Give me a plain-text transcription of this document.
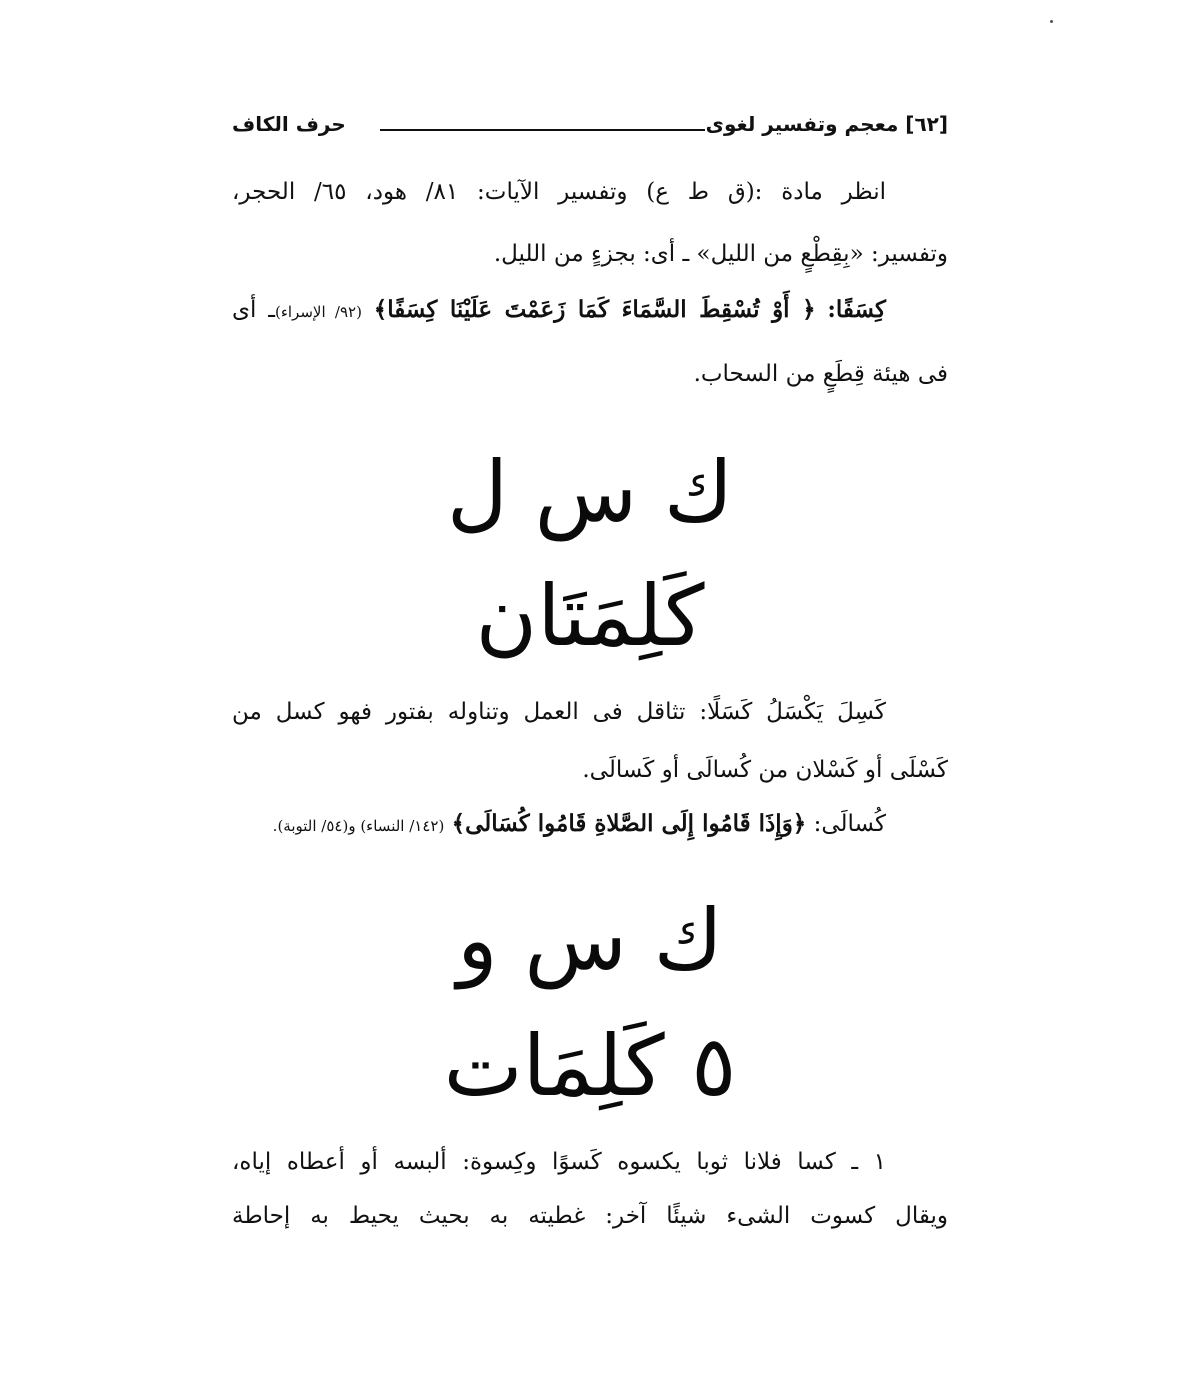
[٦٢] معجم وتفسير لغوى
حرف الكاف
انظر مادة :(ق ط ع) وتفسير الآيات: ٨١/ هود، ٦٥/ الحجر،
وتفسير: «بِقِطْعٍ من الليل» ـ أى: بجزءٍ من الليل.
كِسَفًا: ﴿ أَوْ تُسْقِطَ السَّمَاءَ كَمَا زَعَمْتَ عَلَيْنَا كِسَفًا﴾ (٩٢/ الإسراء)ـ أى
فى هيئة قِطَعٍ من السحاب.
ك س ل
كَلِمَتَان
كَسِلَ يَكْسَلُ كَسَلًا: تثاقل فى العمل وتناوله بفتور فهو كسل من
كَسْلَى أو كَسْلان من كُسالَى أو كَسالَى.
كُسالَى: ﴿وَإِذَا قَامُوا إِلَى الصَّلاةِ قَامُوا كُسَالَى﴾ (١٤٢/ النساء) و(٥٤/ التوبة).
ك س و
٥ كَلِمَات
١ ـ كسا فلانا ثوبا يكسوه كَسوًا وكِسوة: ألبسه أو أعطاه إياه،
ويقال كسوت الشىء شيئًا آخر: غطيته به بحيث يحيط به إحاطة
